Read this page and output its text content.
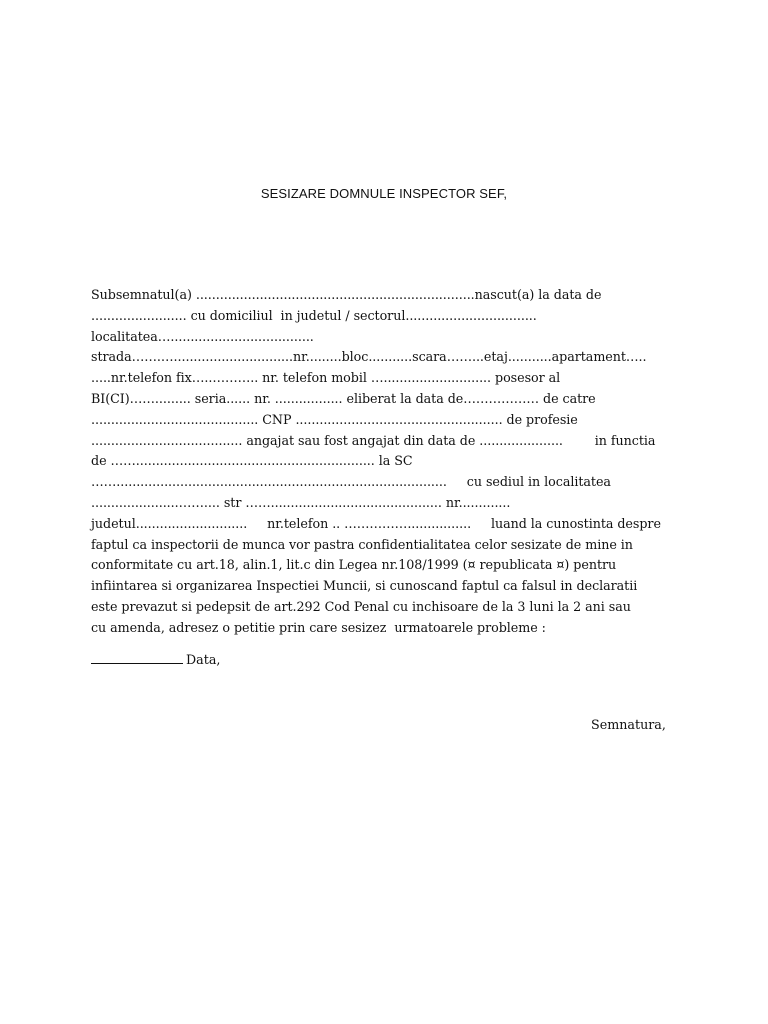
SESIZARE DOMNULE INSPECTOR SEF,
Subsemnatul(a) ......................................................................nascut(a) la data de
........................ cu domiciliul  in judetul / sectorul.................................
localitatea…....................................
strada…….…..............................nr.........bloc...........scara……...etaj...........apartament…..
.....nr.telefon fix…..……….. nr. telefon mobil …........................... posesor al
BI(CI)……......... seria...... nr. ................. eliberat la data de……………… de catre
.......................................... CNP .................................................... de profesie
...................................... angajat sau fost angajat din data de .....................        in functia
de ……............................................................ la SC
……...................................................................................     cu sediul in localitatea
......................…….... str ……........................................... nr.............
judetul............................     nr.telefon .. ……………................     luand la cunostinta despre
faptul ca inspectorii de munca vor pastra confidentialitatea celor sesizate de mine in
conformitate cu art.18, alin.1, lit.c din Legea nr.108/1999 (¤ republicata ¤) pentru
infiintarea si organizarea Inspectiei Muncii, si cunoscand faptul ca falsul in declaratii
este prevazut si pedepsit de art.292 Cod Penal cu inchisoare de la 3 luni la 2 ani sau
cu amenda, adresez o petitie prin care sesizez  urmatoarele probleme :
Data,
Semnatura,
